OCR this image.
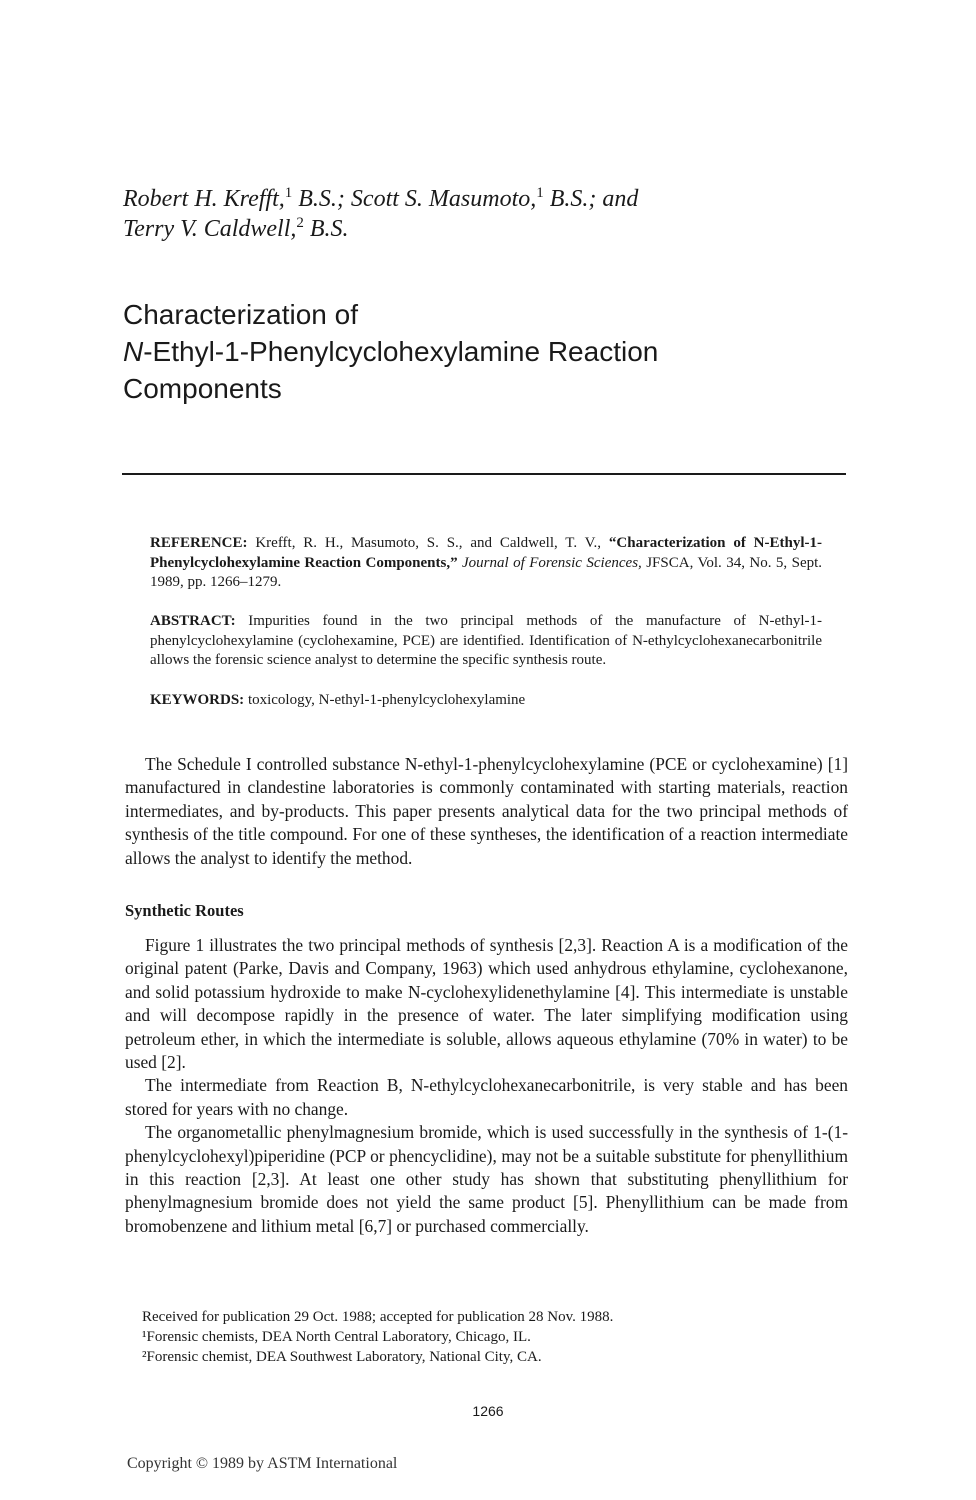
Robert H. Krefft,$^1$ B.S.; Scott S. Masumoto,$^1$ B.S.; and
Terry V. Caldwell,$^2$ B.S.
Characterization of
N-Ethyl-1-Phenylcyclohexylamine Reaction
Components
REFERENCE: Krefft, R. H., Masumoto, S. S., and Caldwell, T. V., “Characterization of N-Ethyl-1-Phenylcyclohexylamine Reaction Components,” Journal of Forensic Sciences, JFSCA, Vol. 34, No. 5, Sept. 1989, pp. 1266–1279.
ABSTRACT: Impurities found in the two principal methods of the manufacture of N-ethyl-1-phenylcyclohexylamine (cyclohexamine, PCE) are identified. Identification of N-ethylcyclohexanecarbonitrile allows the forensic science analyst to determine the specific synthesis route.
KEYWORDS: toxicology, N-ethyl-1-phenylcyclohexylamine

The Schedule I controlled substance N-ethyl-1-phenylcyclohexylamine (PCE or cyclohexamine) [1] manufactured in clandestine laboratories is commonly contaminated with starting materials, reaction intermediates, and by-products. This paper presents analytical data for the two principal methods of synthesis of the title compound. For one of these syntheses, the identification of a reaction intermediate allows the analyst to identify the method.

Synthetic Routes

Figure 1 illustrates the two principal methods of synthesis [2,3]. Reaction A is a modification of the original patent (Parke, Davis and Company, 1963) which used anhydrous ethylamine, cyclohexanone, and solid potassium hydroxide to make N-cyclohexylidenethylamine [4]. This intermediate is unstable and will decompose rapidly in the presence of water. The later simplifying modification using petroleum ether, in which the intermediate is soluble, allows aqueous ethylamine (70% in water) to be used [2].

The intermediate from Reaction B, N-ethylcyclohexanecarbonitrile, is very stable and has been stored for years with no change.

The organometallic phenylmagnesium bromide, which is used successfully in the synthesis of 1-(1-phenylcyclohexyl)piperidine (PCP or phencyclidine), may not be a suitable substitute for phenyllithium in this reaction [2,3]. At least one other study has shown that substituting phenyllithium for phenylmagnesium bromide does not yield the same product [5]. Phenyllithium can be made from bromobenzene and lithium metal [6,7] or purchased commercially.

Received for publication 29 Oct. 1988; accepted for publication 28 Nov. 1988.
¹Forensic chemists, DEA North Central Laboratory, Chicago, IL.
²Forensic chemist, DEA Southwest Laboratory, National City, CA.
1266
Copyright © 1989 by ASTM International
